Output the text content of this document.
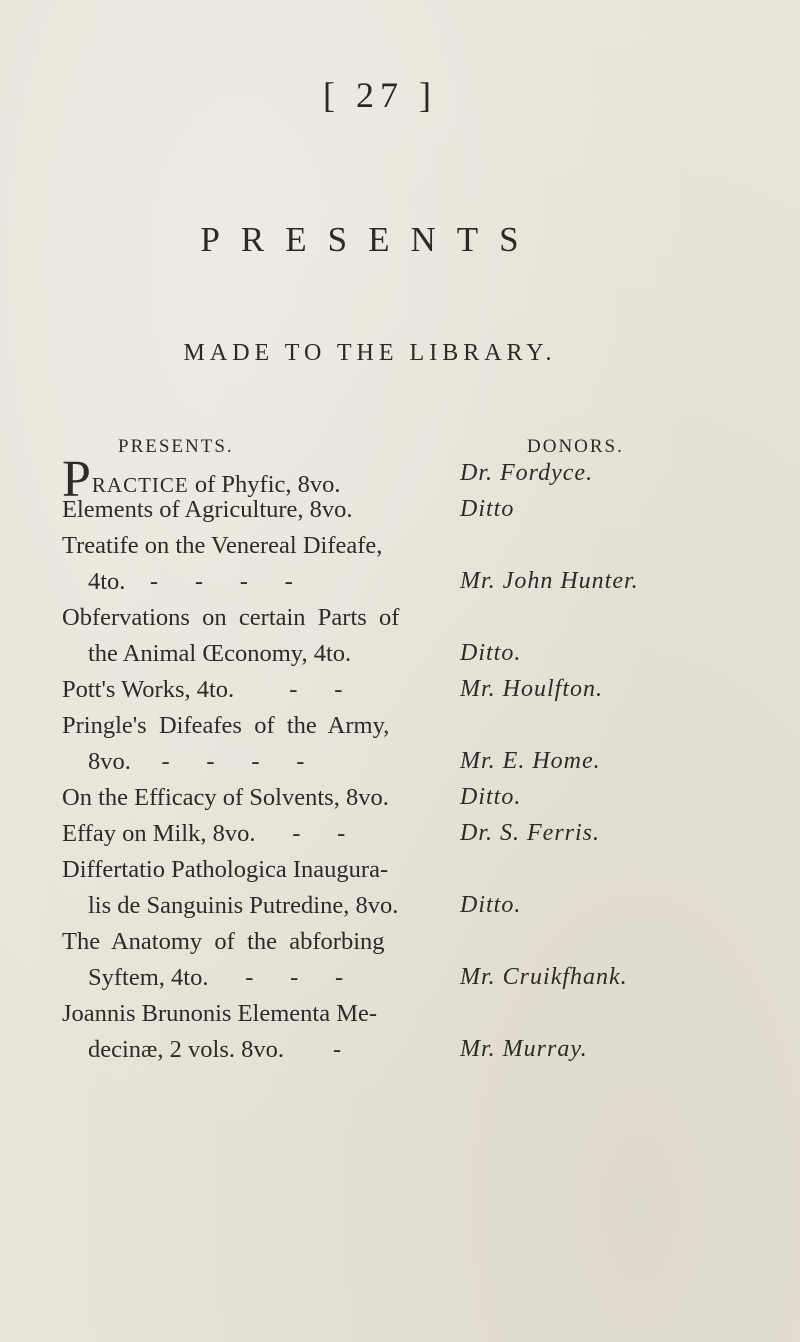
[ 27 ]
PRESENTS
MADE TO THE LIBRARY.
PRESENTS.	DONORS.
PRACTICE of Phyfic, 8vo.	Dr. Fordyce.
Elements of Agriculture, 8vo.	Ditto
Treatife on the Venereal Difeafe,
4to.    -      -      -      -	Mr. John Hunter.
Obfervations  on  certain  Parts  of
the Animal Œconomy, 4to.	Ditto.
Pott's Works, 4to.         -      -	Mr. Houlfton.
Pringle's  Difeafes  of  the  Army,
8vo.     -      -      -      -	Mr. E. Home.
On the Efficacy of Solvents, 8vo.	Ditto.
Effay on Milk, 8vo.      -      -	Dr. S. Ferris.
Differtatio Pathologica Inaugura-
lis de Sanguinis Putredine, 8vo.	Ditto.
The  Anatomy  of  the  abforbing
Syftem, 4to.      -      -      -	Mr. Cruikfhank.
Joannis Brunonis Elementa Me-
decinæ, 2 vols. 8vo.        -	Mr. Murray.
